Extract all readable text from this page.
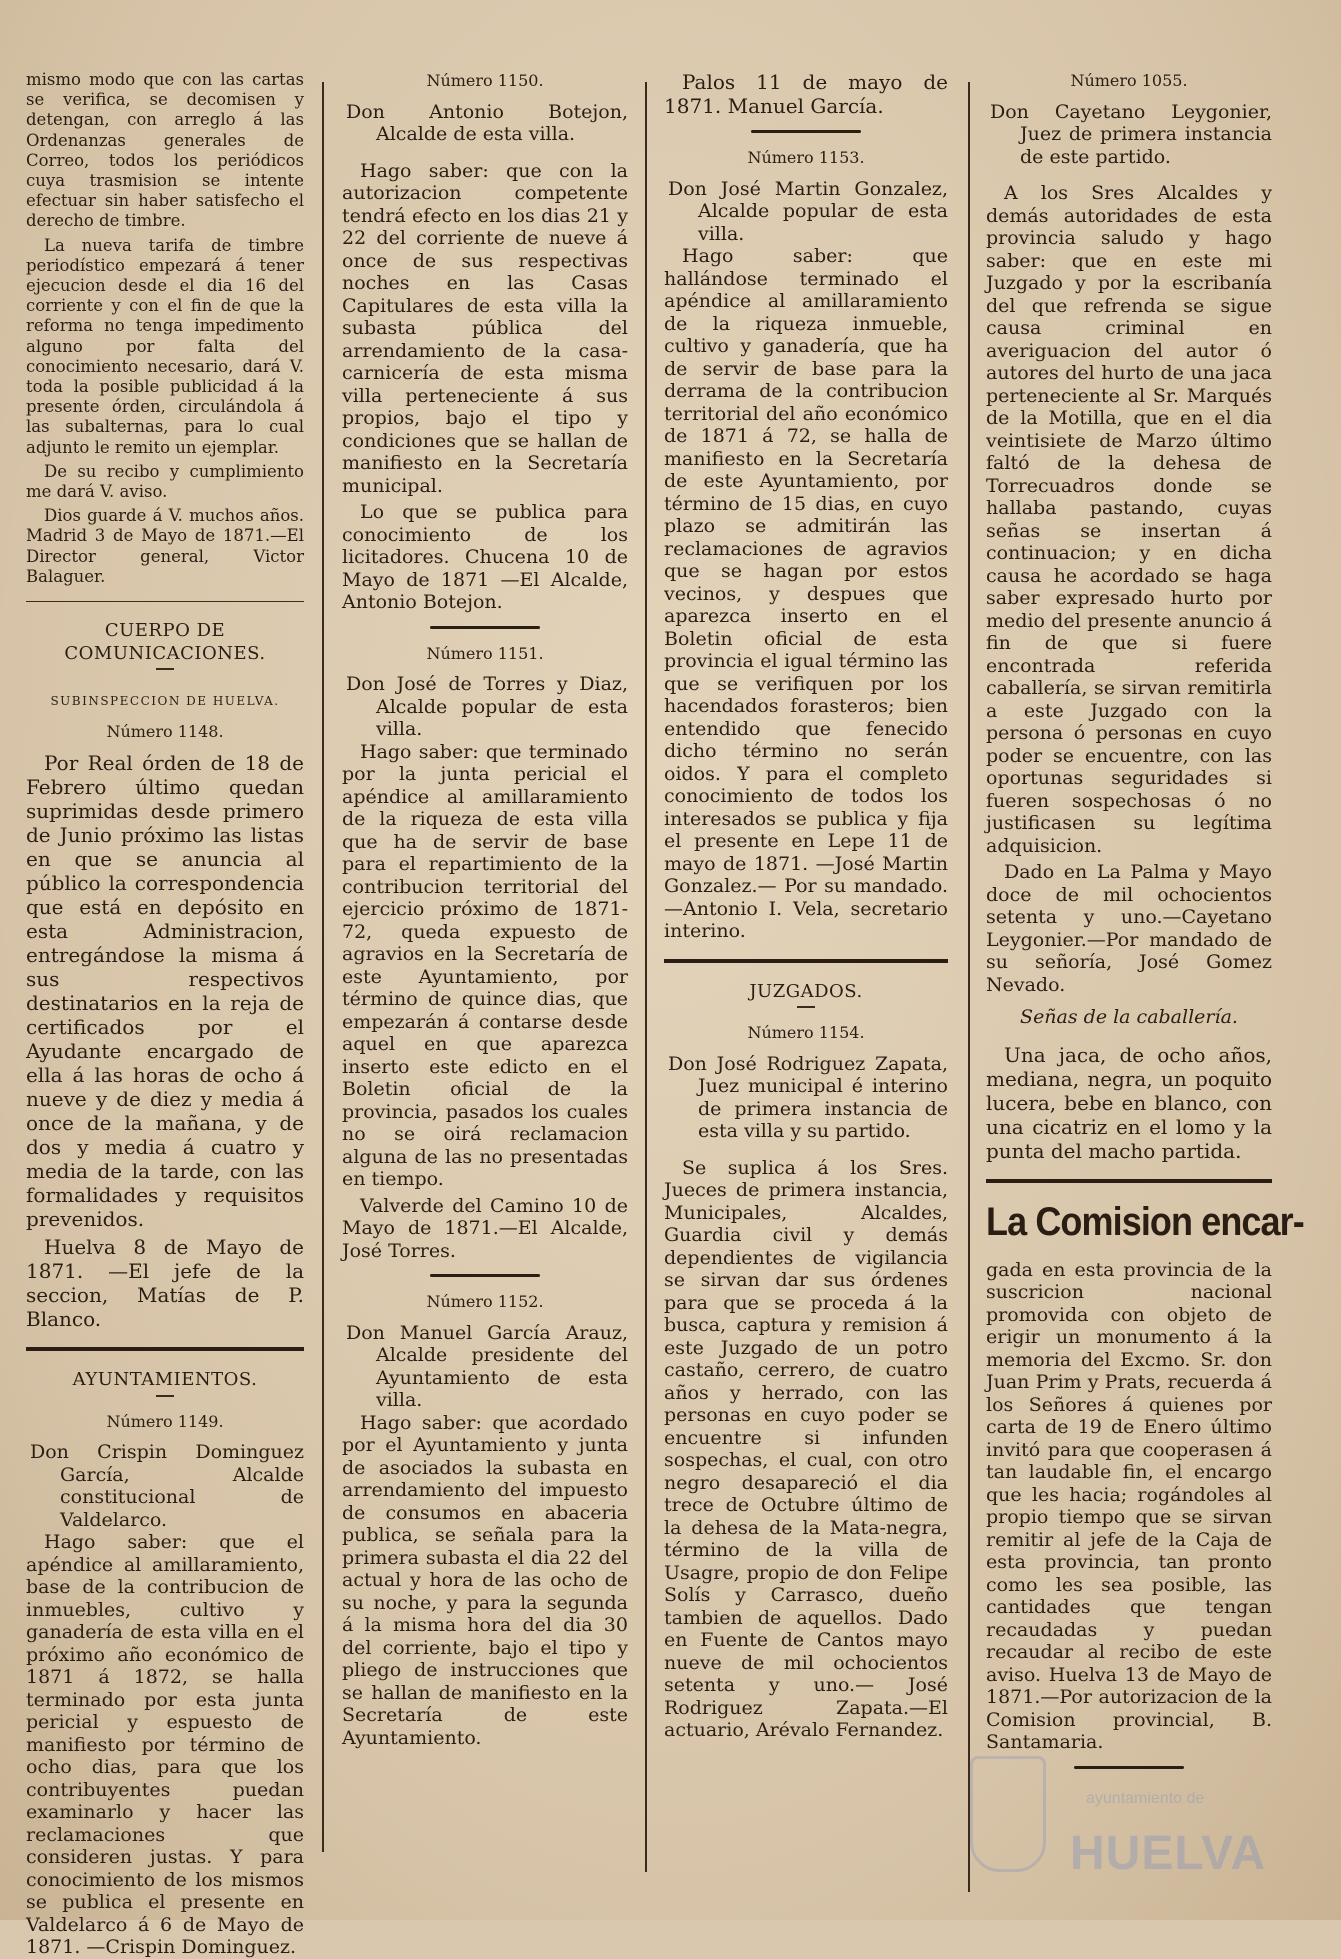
mismo modo que con las cartas se verifica, se decomisen y detengan, con arreglo á las Ordenanzas generales de Correo, todos los periódicos cuya trasmision se intente efectuar sin haber satisfecho el derecho de timbre.

La nueva tarifa de timbre periodístico empezará á tener ejecucion desde el dia 16 del corriente y con el fin de que la reforma no tenga impedimento alguno por falta del conocimiento necesario, dará V. toda la posible publicidad á la presente órden, circulándola á las subalternas, para lo cual adjunto le remito un ejemplar.

De su recibo y cumplimiento me dará V. aviso.

Dios guarde á V. muchos años. Madrid 3 de Mayo de 1871.—El Director general, Victor Balaguer.

CUERPO DE COMUNICACIONES.
SUBINSPECCION DE HUELVA.
Número 1148.

Por Real órden de 18 de Febrero último quedan suprimidas desde primero de Junio próximo las listas en que se anuncia al público la correspondencia que está en depósito en esta Administracion, entregándose la misma á sus respectivos destinatarios en la reja de certificados por el Ayudante encargado de ella á las horas de ocho á nueve y de diez y media á once de la mañana, y de dos y media á cuatro y media de la tarde, con las formalidades y requisitos prevenidos.

Huelva 8 de Mayo de 1871. —El jefe de la seccion, Matías de P. Blanco.

AYUNTAMIENTOS.
Número 1149.

Don Crispin Dominguez García, Alcalde constitucional de Valdelarco.

Hago saber: que el apéndice al amillaramiento, base de la contribucion de inmuebles, cultivo y ganadería de esta villa en el próximo año económico de 1871 á 1872, se halla terminado por esta junta pericial y espuesto de manifiesto por término de ocho dias, para que los contribuyentes puedan examinarlo y hacer las reclamaciones que consideren justas. Y para conocimiento de los mismos se publica el presente en Valdelarco á 6 de Mayo de 1871. —Crispin Dominguez.

Número 1150.

Don Antonio Botejon, Alcalde de esta villa.

Hago saber: que con la autorizacion competente tendrá efecto en los dias 21 y 22 del corriente de nueve á once de sus respectivas noches en las Casas Capitulares de esta villa la subasta pública del arrendamiento de la casa-carnicería de esta misma villa perteneciente á sus propios, bajo el tipo y condiciones que se hallan de manifiesto en la Secretaría municipal.

Lo que se publica para conocimiento de los licitadores. Chucena 10 de Mayo de 1871 —El Alcalde, Antonio Botejon.

Número 1151.

Don José de Torres y Diaz, Alcalde popular de esta villa.

Hago saber: que terminado por la junta pericial el apéndice al amillaramiento de la riqueza de esta villa que ha de servir de base para el repartimiento de la contribucion territorial del ejercicio próximo de 1871-72, queda expuesto de agravios en la Secretaría de este Ayuntamiento, por término de quince dias, que empezarán á contarse desde aquel en que aparezca inserto este edicto en el Boletin oficial de la provincia, pasados los cuales no se oirá reclamacion alguna de las no presentadas en tiempo.

Valverde del Camino 10 de Mayo de 1871.—El Alcalde, José Torres.

Número 1152.

Don Manuel García Arauz, Alcalde presidente del Ayuntamiento de esta villa.

Hago saber: que acordado por el Ayuntamiento y junta de asociados la subasta en arrendamiento del impuesto de consumos en abaceria publica, se señala para la primera subasta el dia 22 del actual y hora de las ocho de su noche, y para la segunda á la misma hora del dia 30 del corriente, bajo el tipo y pliego de instrucciones que se hallan de manifiesto en la Secretaría de este Ayuntamiento.

Palos 11 de mayo de 1871. Manuel García.

Número 1153.

Don José Martin Gonzalez, Alcalde popular de esta villa.

Hago saber: que hallándose terminado el apéndice al amillaramiento de la riqueza inmueble, cultivo y ganadería, que ha de servir de base para la derrama de la contribucion territorial del año económico de 1871 á 72, se halla de manifiesto en la Secretaría de este Ayuntamiento, por término de 15 dias, en cuyo plazo se admitirán las reclamaciones de agravios que se hagan por estos vecinos, y despues que aparezca inserto en el Boletin oficial de esta provincia el igual término las que se verifiquen por los hacendados forasteros; bien entendido que fenecido dicho término no serán oidos. Y para el completo conocimiento de todos los interesados se publica y fija el presente en Lepe 11 de mayo de 1871. —José Martin Gonzalez.— Por su mandado.—Antonio I. Vela, secretario interino.

JUZGADOS.
Número 1154.

Don José Rodriguez Zapata, Juez municipal é interino de primera instancia de esta villa y su partido.

Se suplica á los Sres. Jueces de primera instancia, Municipales, Alcaldes, Guardia civil y demás dependientes de vigilancia se sirvan dar sus órdenes para que se proceda á la busca, captura y remision á este Juzgado de un potro castaño, cerrero, de cuatro años y herrado, con las personas en cuyo poder se encuentre si infunden sospechas, el cual, con otro negro desapareció el dia trece de Octubre último de la dehesa de la Mata-negra, término de la villa de Usagre, propio de don Felipe Solís y Carrasco, dueño tambien de aquellos. Dado en Fuente de Cantos mayo nueve de mil ochocientos setenta y uno.— José Rodriguez Zapata.—El actuario, Arévalo Fernandez.

Número 1055.

Don Cayetano Leygonier, Juez de primera instancia de este partido.

A los Sres Alcaldes y demás autoridades de esta provincia saludo y hago saber: que en este mi Juzgado y por la escribanía del que refrenda se sigue causa criminal en averiguacion del autor ó autores del hurto de una jaca perteneciente al Sr. Marqués de la Motilla, que en el dia veintisiete de Marzo último faltó de la dehesa de Torrecuadros donde se hallaba pastando, cuyas señas se insertan á continuacion; y en dicha causa he acordado se haga saber expresado hurto por medio del presente anuncio á fin de que si fuere encontrada referida caballería, se sirvan remitirla a este Juzgado con la persona ó personas en cuyo poder se encuentre, con las oportunas seguridades si fueren sospechosas ó no justificasen su legítima adquisicion.

Dado en La Palma y Mayo doce de mil ochocientos setenta y uno.—Cayetano Leygonier.—Por mandado de su señoría, José Gomez Nevado.

Señas de la caballería.

Una jaca, de ocho años, mediana, negra, un poquito lucera, bebe en blanco, con una cicatriz en el lomo y la punta del macho partida.

La Comision encar-

gada en esta provincia de la suscricion nacional promovida con objeto de erigir un monumento á la memoria del Excmo. Sr. don Juan Prim y Prats, recuerda á los Señores á quienes por carta de 19 de Enero último invitó para que cooperasen á tan laudable fin, el encargo que les hacia; rogándoles al propio tiempo que se sirvan remitir al jefe de la Caja de esta provincia, tan pronto como les sea posible, las cantidades que tengan recaudadas y puedan recaudar al recibo de este aviso. Huelva 13 de Mayo de 1871.—Por autorizacion de la Comision provincial, B. Santamaria.

ayuntamiento de
HUELVA
